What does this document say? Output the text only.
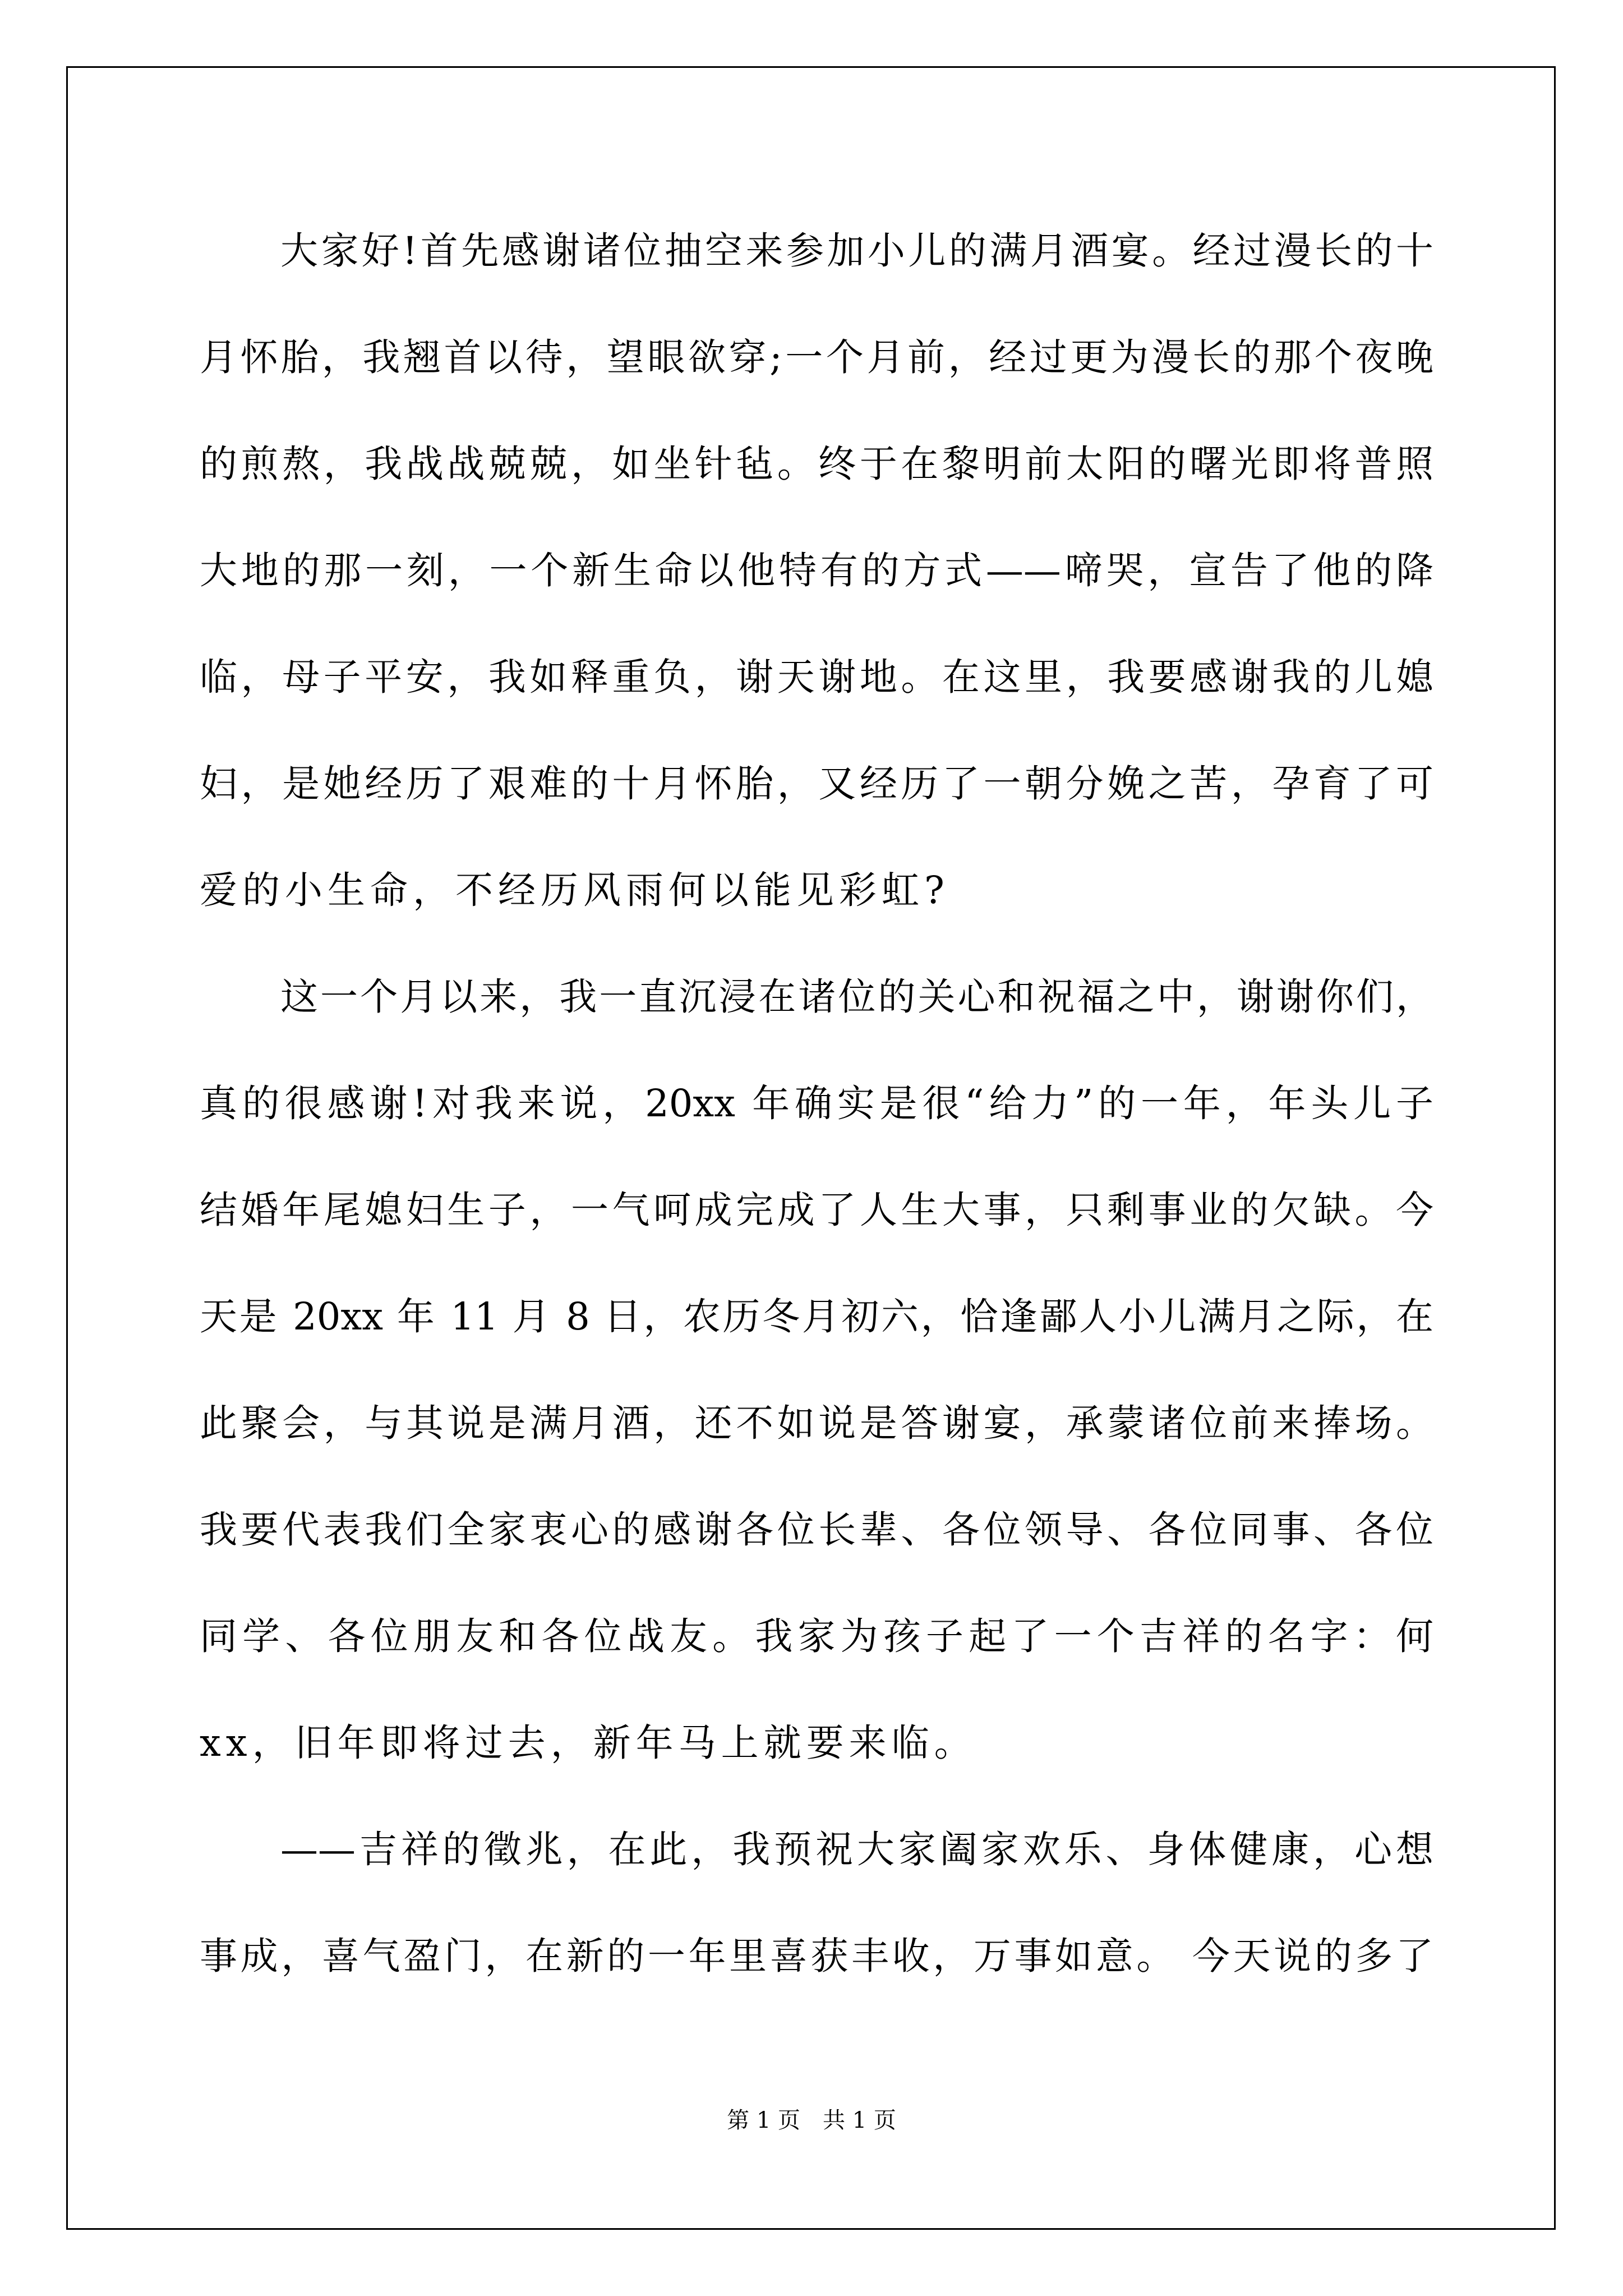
大家好!首先感谢诸位抽空来参加小儿的满月酒宴。经过漫长的十
月怀胎，我翘首以待，望眼欲穿;一个月前，经过更为漫长的那个夜晚
的煎熬，我战战兢兢，如坐针毡。终于在黎明前太阳的曙光即将普照
大地的那一刻，一个新生命以他特有的方式——啼哭，宣告了他的降
临，母子平安，我如释重负，谢天谢地。在这里，我要感谢我的儿媳
妇，是她经历了艰难的十月怀胎，又经历了一朝分娩之苦，孕育了可
爱的小生命，不经历风雨何以能见彩虹?
这一个月以来，我一直沉浸在诸位的关心和祝福之中，谢谢你们，
真的很感谢!对我来说，20xx 年确实是很“给力”的一年，年头儿子
结婚年尾媳妇生子，一气呵成完成了人生大事，只剩事业的欠缺。今
天是 20xx 年 11 月 8 日，农历冬月初六，恰逢鄙人小儿满月之际，在
此聚会，与其说是满月酒，还不如说是答谢宴，承蒙诸位前来捧场。
我要代表我们全家衷心的感谢各位长辈、各位领导、各位同事、各位
同学、各位朋友和各位战友。我家为孩子起了一个吉祥的名字：何
xx，旧年即将过去，新年马上就要来临。
——吉祥的徵兆，在此，我预祝大家阖家欢乐、身体健康，心想
事成，喜气盈门，在新的一年里喜获丰收，万事如意。 今天说的多了
第 1 页　共 1 页
